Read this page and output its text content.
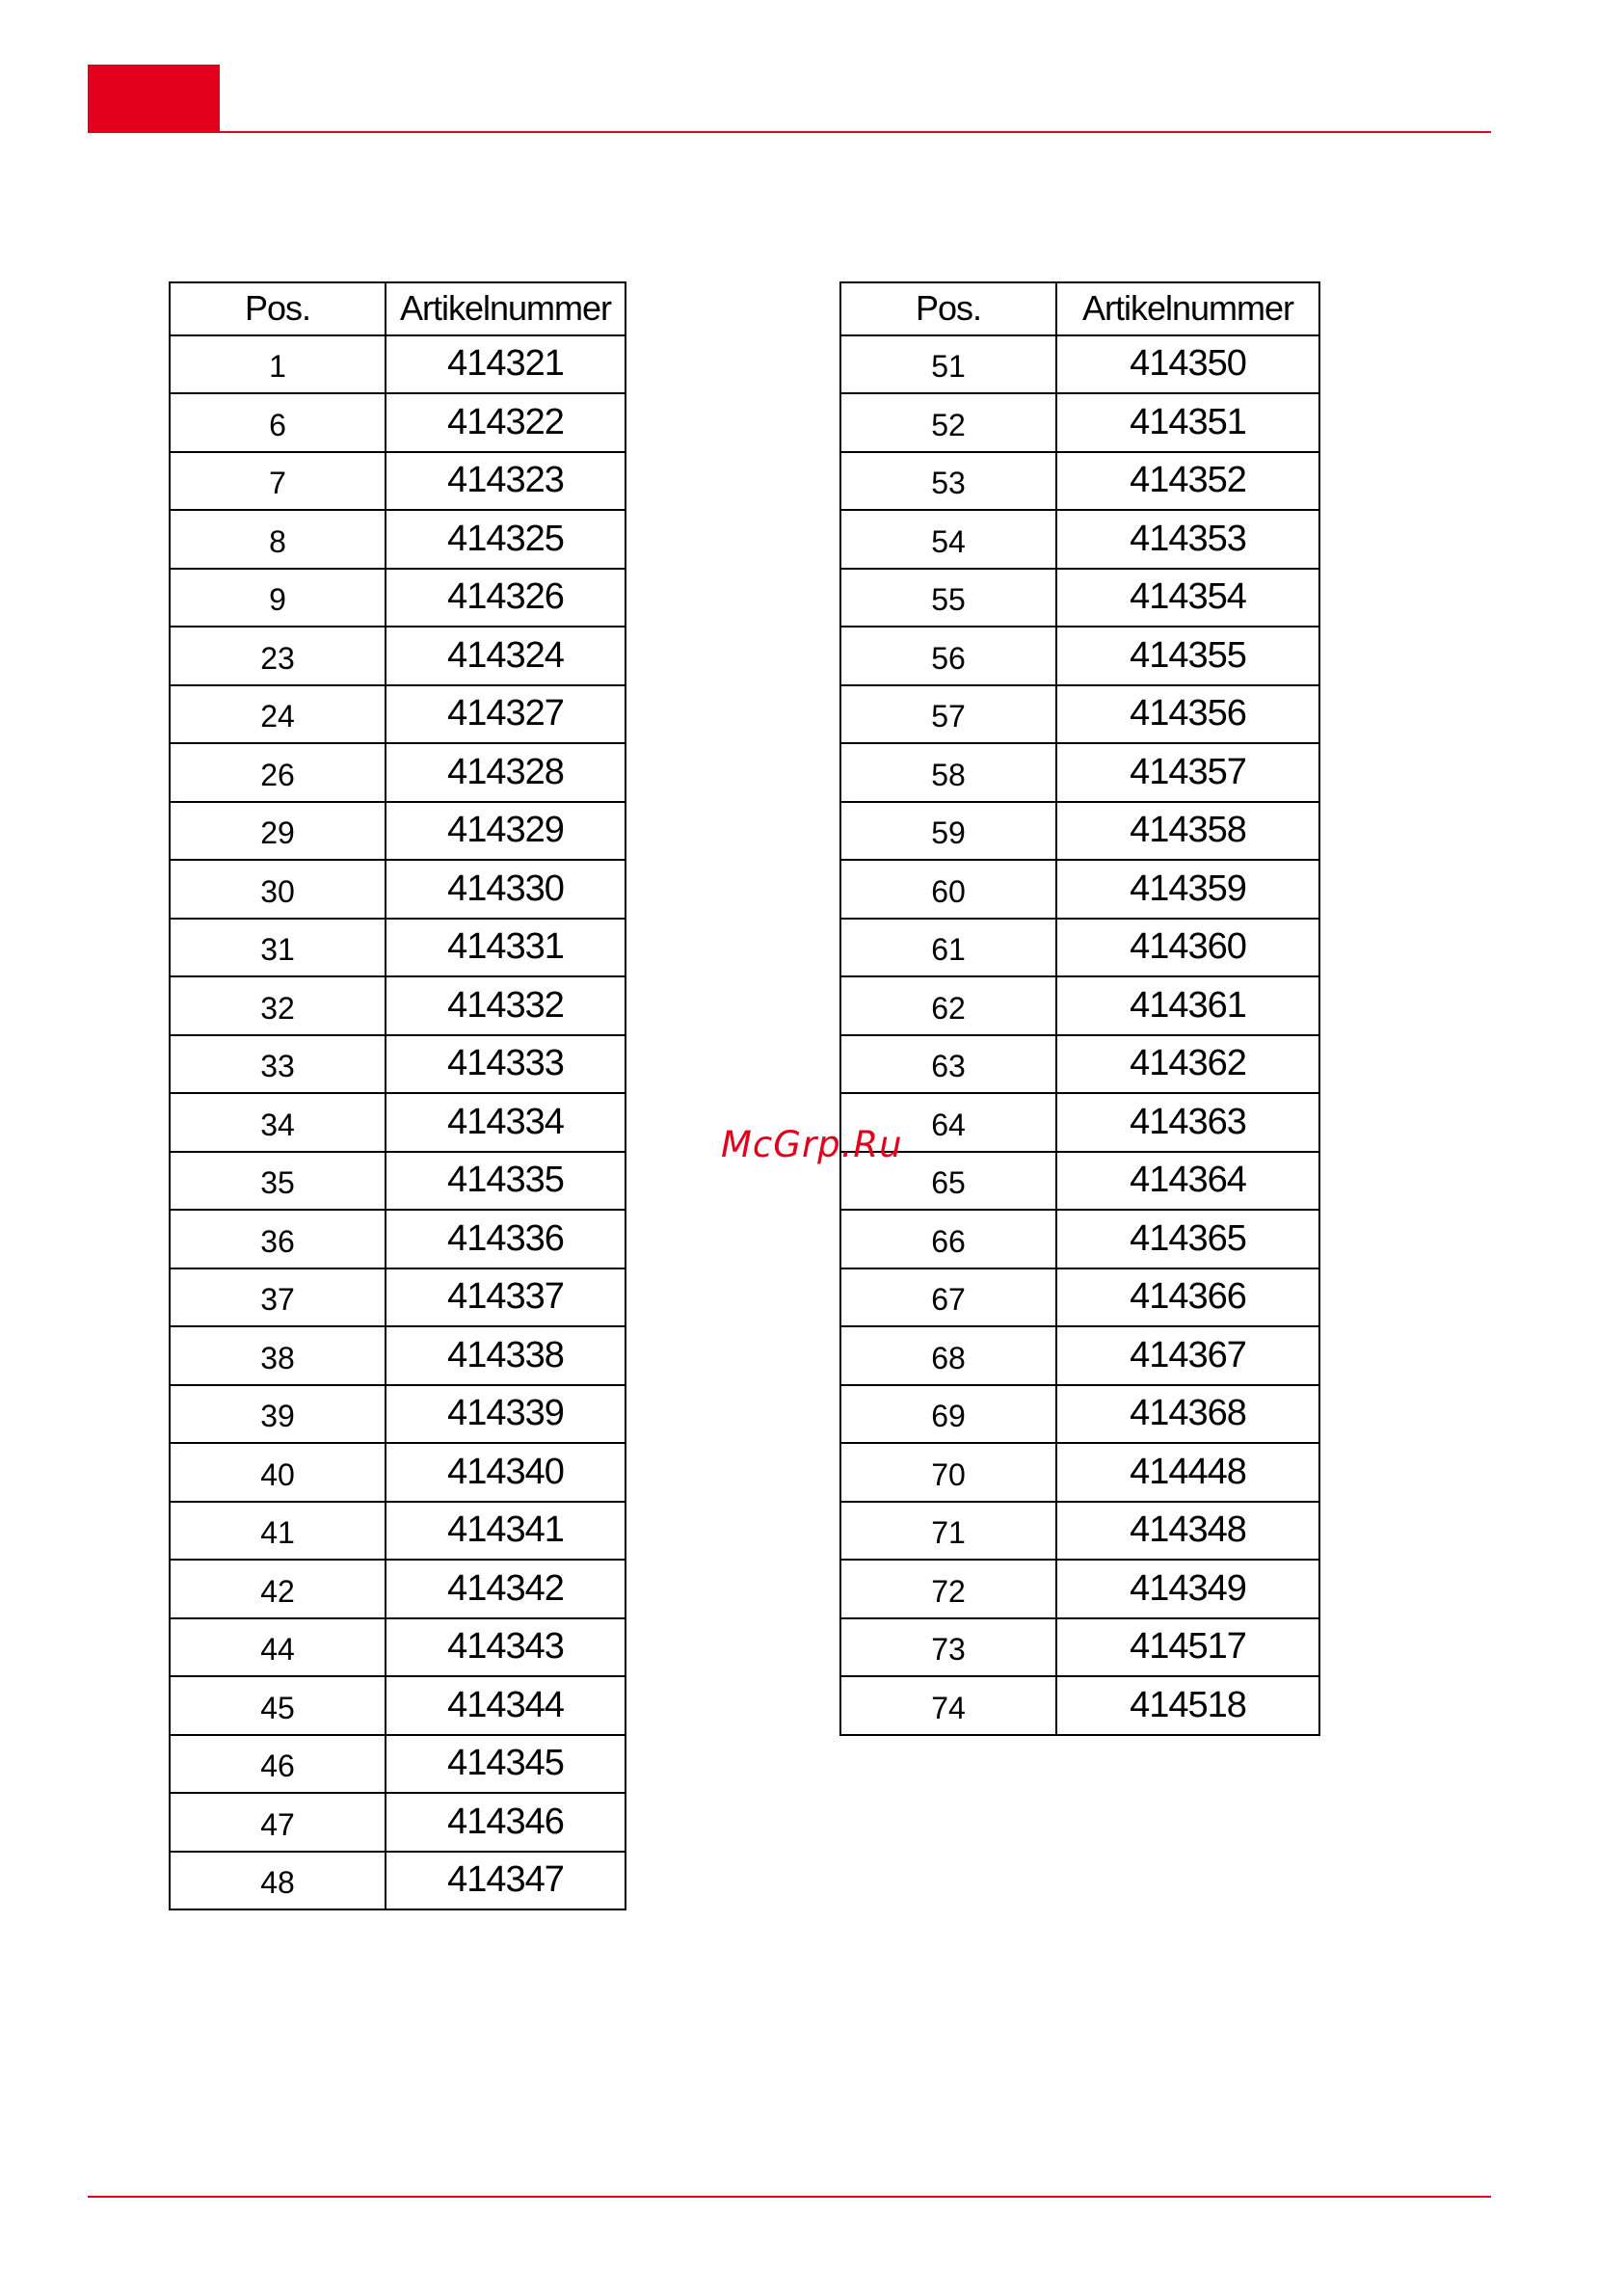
Pos.	Artikelnummer
1	414321
6	414322
7	414323
8	414325
9	414326
23	414324
24	414327
26	414328
29	414329
30	414330
31	414331
32	414332
33	414333
34	414334
35	414335
36	414336
37	414337
38	414338
39	414339
40	414340
41	414341
42	414342
44	414343
45	414344
46	414345
47	414346
48	414347
Pos.	Artikelnummer
51	414350
52	414351
53	414352
54	414353
55	414354
56	414355
57	414356
58	414357
59	414358
60	414359
61	414360
62	414361
63	414362
64	414363
65	414364
66	414365
67	414366
68	414367
69	414368
70	414448
71	414348
72	414349
73	414517
74	414518
McGrp.Ru
